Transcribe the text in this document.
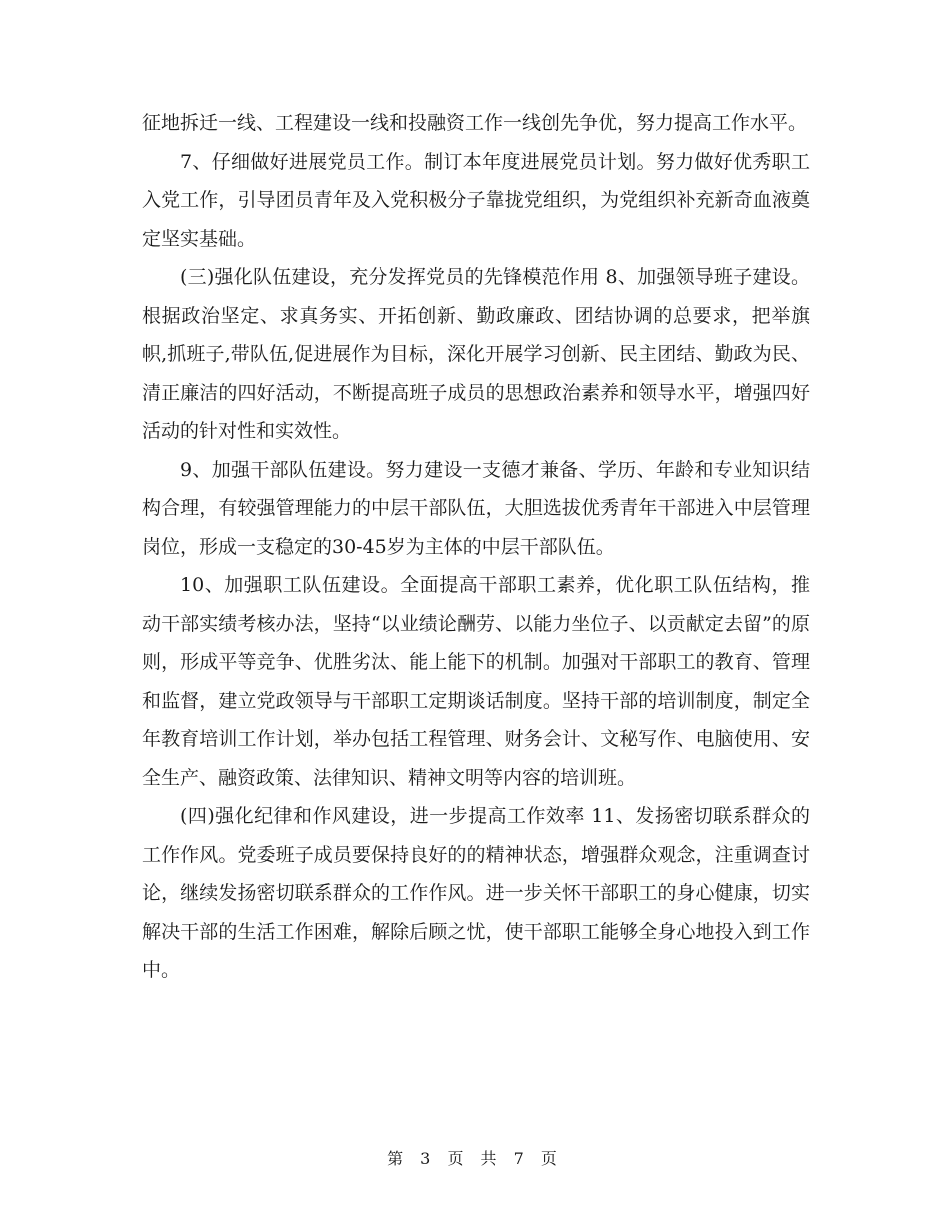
征地拆迁一线、工程建设一线和投融资工作一线创先争优，努力提高工作水平。

7、仔细做好进展党员工作。制订本年度进展党员计划。努力做好优秀职工入党工作，引导团员青年及入党积极分子靠拢党组织，为党组织补充新奇血液奠定坚实基础。

(三)强化队伍建设，充分发挥党员的先锋模范作用 8、加强领导班子建设。根据政治坚定、求真务实、开拓创新、勤政廉政、团结协调的总要求，把举旗帜,抓班子,带队伍,促进展作为目标，深化开展学习创新、民主团结、勤政为民、清正廉洁的四好活动，不断提高班子成员的思想政治素养和领导水平，增强四好活动的针对性和实效性。

9、加强干部队伍建设。努力建设一支德才兼备、学历、年龄和专业知识结构合理，有较强管理能力的中层干部队伍，大胆选拔优秀青年干部进入中层管理岗位，形成一支稳定的30-45岁为主体的中层干部队伍。

10、加强职工队伍建设。全面提高干部职工素养，优化职工队伍结构，推动干部实绩考核办法，坚持“以业绩论酬劳、以能力坐位子、以贡献定去留”的原则，形成平等竞争、优胜劣汰、能上能下的机制。加强对干部职工的教育、管理和监督，建立党政领导与干部职工定期谈话制度。坚持干部的培训制度，制定全年教育培训工作计划，举办包括工程管理、财务会计、文秘写作、电脑使用、安全生产、融资政策、法律知识、精神文明等内容的培训班。

(四)强化纪律和作风建设，进一步提高工作效率 11、发扬密切联系群众的工作作风。党委班子成员要保持良好的的精神状态，增强群众观念，注重调查讨论，继续发扬密切联系群众的工作作风。进一步关怀干部职工的身心健康，切实解决干部的生活工作困难，解除后顾之忧，使干部职工能够全身心地投入到工作中。

第 3 页 共 7 页
